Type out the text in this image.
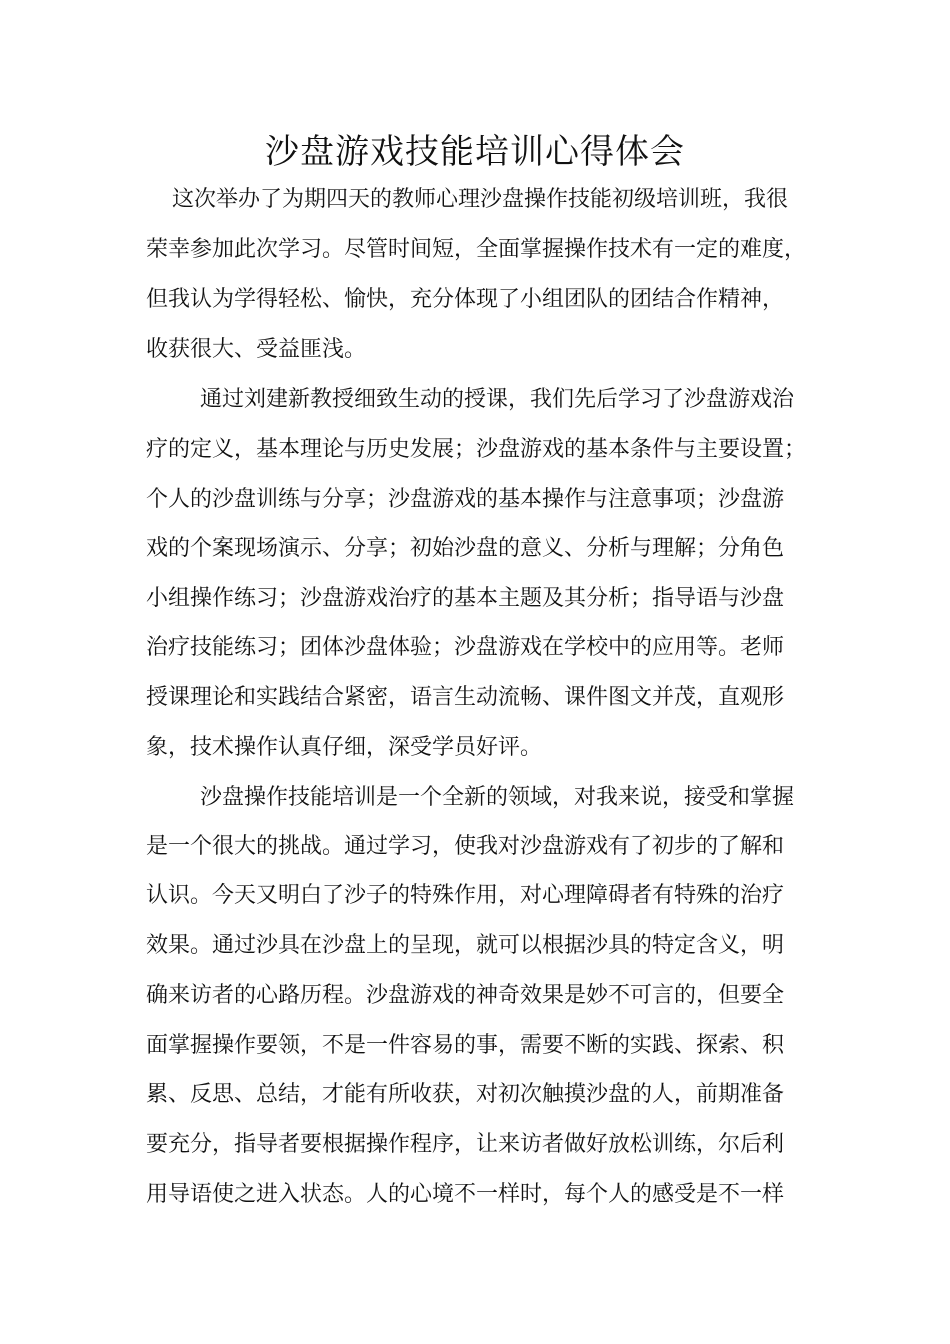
沙盘游戏技能培训心得体会

这次举办了为期四天的教师心理沙盘操作技能初级培训班，我很

荣幸参加此次学习。尽管时间短，全面掌握操作技术有一定的难度，

但我认为学得轻松、愉快，充分体现了小组团队的团结合作精神，

收获很大、受益匪浅。

通过刘建新教授细致生动的授课，我们先后学习了沙盘游戏治

疗的定义，基本理论与历史发展；沙盘游戏的基本条件与主要设置；

个人的沙盘训练与分享；沙盘游戏的基本操作与注意事项；沙盘游

戏的个案现场演示、分享；初始沙盘的意义、分析与理解；分角色

小组操作练习；沙盘游戏治疗的基本主题及其分析；指导语与沙盘

治疗技能练习；团体沙盘体验；沙盘游戏在学校中的应用等。老师

授课理论和实践结合紧密，语言生动流畅、课件图文并茂，直观形

象，技术操作认真仔细，深受学员好评。

沙盘操作技能培训是一个全新的领域，对我来说，接受和掌握

是一个很大的挑战。通过学习，使我对沙盘游戏有了初步的了解和

认识。今天又明白了沙子的特殊作用，对心理障碍者有特殊的治疗

效果。通过沙具在沙盘上的呈现，就可以根据沙具的特定含义，明

确来访者的心路历程。沙盘游戏的神奇效果是妙不可言的，但要全

面掌握操作要领，不是一件容易的事，需要不断的实践、探索、积

累、反思、总结，才能有所收获，对初次触摸沙盘的人，前期准备

要充分，指导者要根据操作程序，让来访者做好放松训练，尔后利

用导语使之进入状态。人的心境不一样时，每个人的感受是不一样
